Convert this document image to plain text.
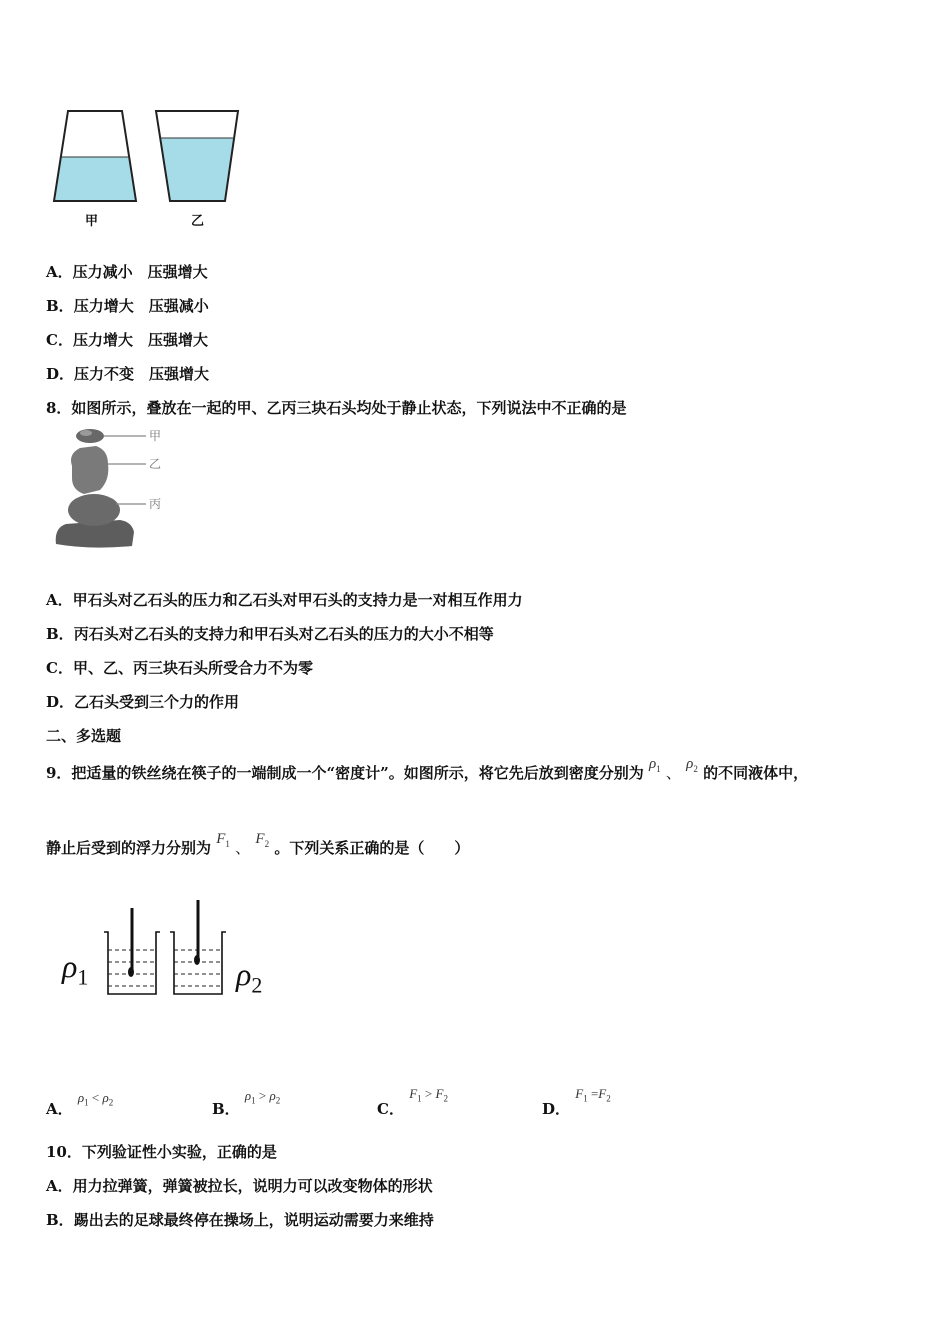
甲	乙
A．压力减小　压强增大
B．压力增大　压强减小
C．压力增大　压强增大
D．压力不变　压强增大
8．如图所示，叠放在一起的甲、乙丙三块石头均处于静止状态，下列说法中不正确的是
甲
乙
丙
A．甲石头对乙石头的压力和乙石头对甲石头的支持力是一对相互作用力
B．丙石头对乙石头的支持力和甲石头对乙石头的压力的大小不相等
C．甲、乙、丙三块石头所受合力不为零
D．乙石头受到三个力的作用
二、多选题
9．把适量的铁丝绕在筷子的一端制成一个“密度计”。如图所示，将它先后放到密度分别为 $\rho_1$ 、 $\rho_2$ 的不同液体中，
静止后受到的浮力分别为 $F_1$ 、 $F_2$ 。下列关系正确的是（　　）
$\rho_1$	$\rho_2$
A． $\rho_1 < \rho_2$	B． $\rho_1 > \rho_2$	C． $F_1 > F_2$
D． $F_1 =F_2$
10．下列验证性小实验，正确的是
A．用力拉弹簧，弹簧被拉长，说明力可以改变物体的形状
B．踢出去的足球最终停在操场上，说明运动需要力来维持
